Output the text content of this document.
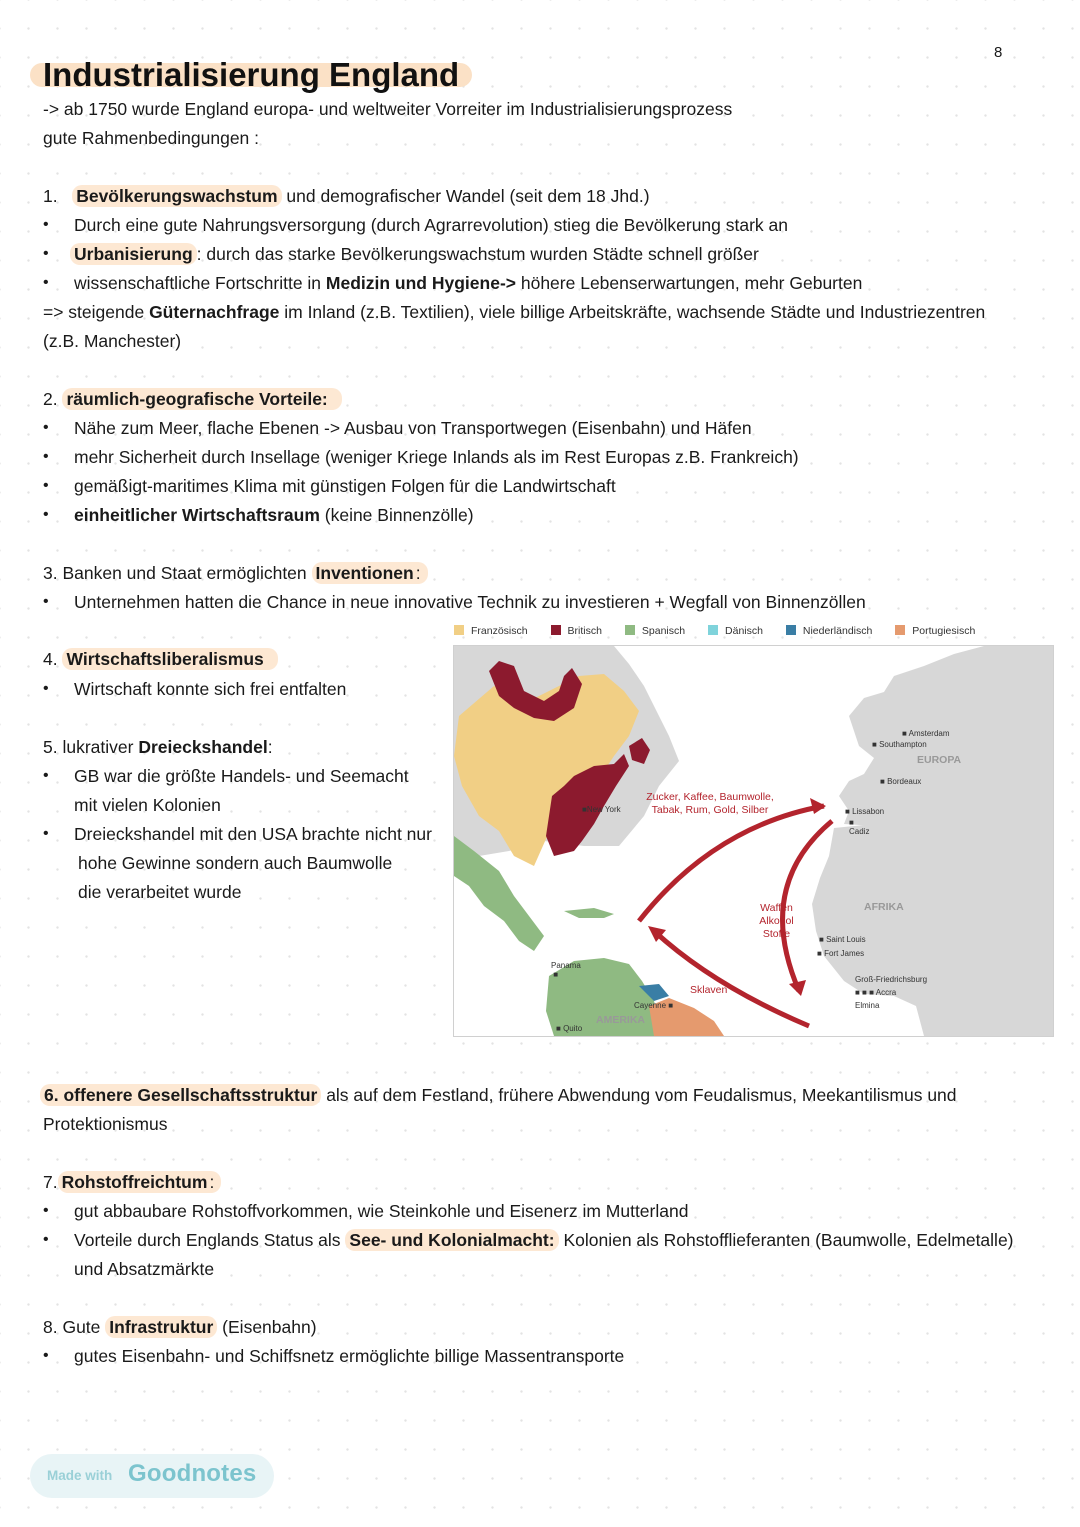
8
Industrialisierung England
-> ab 1750 wurde England europa- und weltweiter Vorreiter im Industrialisierungsprozess
gute Rahmenbedingungen :
1. Bevölkerungswachstum und demografischer Wandel (seit dem 18 Jhd.)
• Durch eine gute Nahrungsversorgung (durch Agrarrevolution) stieg die Bevölkerung stark an
• Urbanisierung : durch das starke Bevölkerungswachstum wurden Städte schnell größer
• wissenschaftliche Fortschritte in Medizin und Hygiene-> höhere Lebenserwartungen, mehr Geburten
=> steigende Güternachfrage im Inland (z.B. Textilien), viele billige Arbeitskräfte, wachsende Städte und Industriezentren
(z.B. Manchester)
2. räumlich-geografische Vorteile:
• Nähe zum Meer, flache Ebenen -> Ausbau von Transportwegen (Eisenbahn) und Häfen
• mehr Sicherheit durch Insellage (weniger Kriege Inlands als im Rest Europas z.B. Frankreich)
• gemäßigt-maritimes Klima mit günstigen Folgen für die Landwirtschaft
• einheitlicher Wirtschaftsraum (keine Binnenzölle)
3. Banken und Staat ermöglichten Inventionen :
• Unternehmen hatten die Chance in neue innovative Technik zu investieren + Wegfall von Binnenzöllen
4. Wirtschaftsliberalismus
• Wirtschaft konnte sich frei entfalten
5. lukrativer Dreieckshandel:
• GB war die größte Handels- und Seemacht
mit vielen Kolonien
• Dreieckshandel mit den USA brachte nicht nur
hohe Gewinne sondern auch Baumwolle
die verarbeitet wurde
Französisch	Britisch	Spanisch	Dänisch	Niederländisch	Portugiesisch
Zucker, Kaffee, Baumwolle,
Tabak, Rum, Gold, Silber
Waffen
Alkohol
Stoffe
Sklaven
EUROPA
AFRIKA
AMERIKA
■ Amsterdam
■ Southampton
■ Bordeaux
■ Lissabon
■
Cadiz
■ Saint Louis
■ Fort James
Groß-Friedrichsburg
■ ■ ■ Accra
Elmina
■New York
Panama
■
Cayenne ■
■ Quito
6. offenere Gesellschaftsstruktur als auf dem Festland, frühere Abwendung vom Feudalismus, Meekantilismus und
Protektionismus
7. Rohstoffreichtum :
• gut abbaubare Rohstoffvorkommen, wie Steinkohle und Eisenerz im Mutterland
• Vorteile durch Englands Status als See- und Kolonialmacht: Kolonien als Rohstofflieferanten (Baumwolle, Edelmetalle)
und Absatzmärkte
8. Gute Infrastruktur (Eisenbahn)
• gutes Eisenbahn- und Schiffsnetz ermöglichte billige Massentransporte
Made with Goodnotes
